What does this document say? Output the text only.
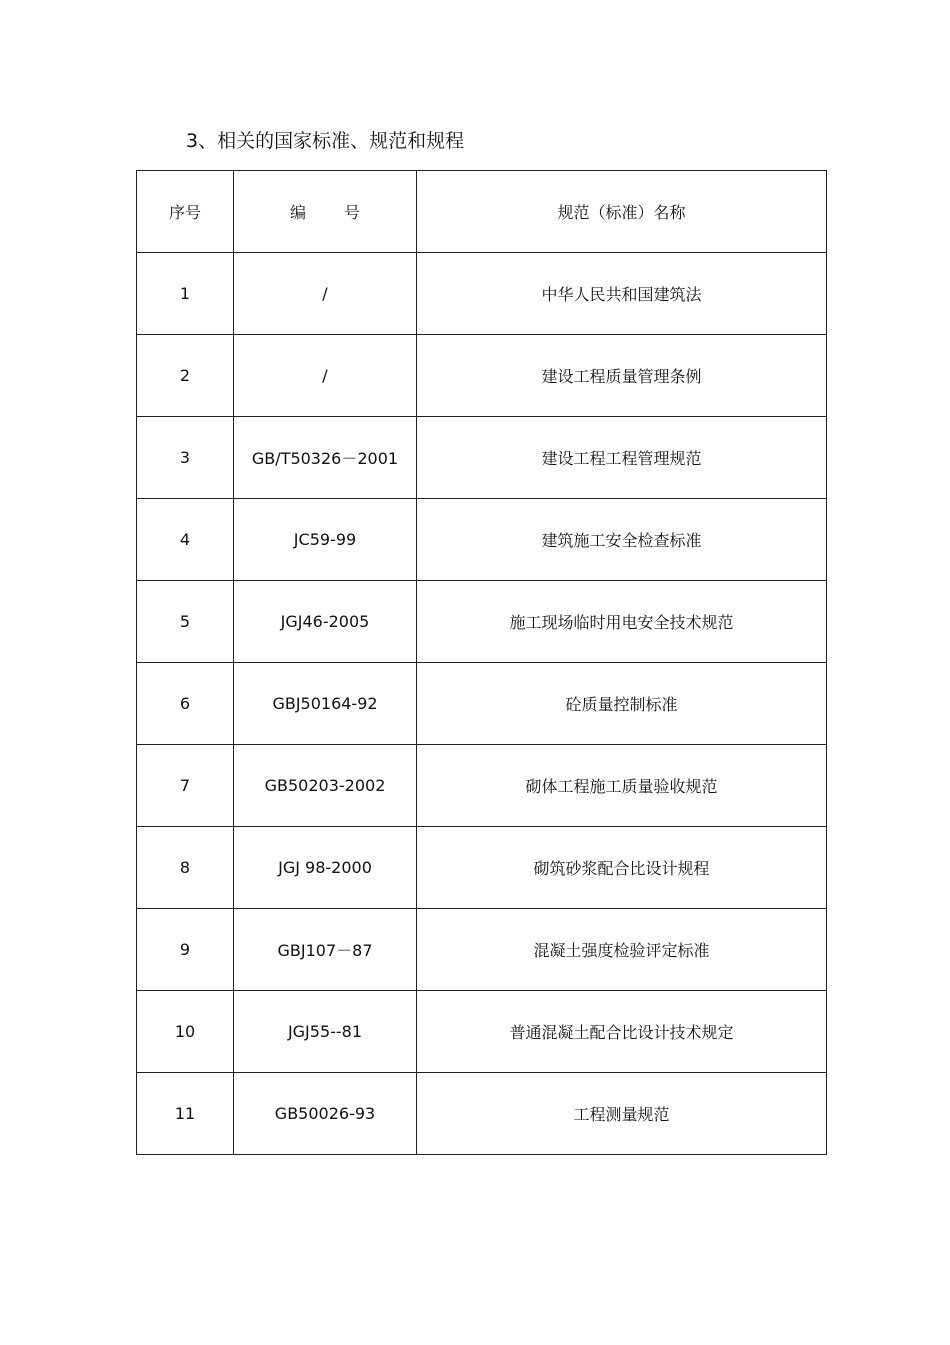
3、相关的国家标准、规范和规程
序号	编 号	规范（标准）名称
1	/	中华人民共和国建筑法
2	/	建设工程质量管理条例
3	GB/T50326－2001	建设工程工程管理规范
4	JC59-99	建筑施工安全检查标准
5	JGJ46-2005	施工现场临时用电安全技术规范
6	GBJ50164-92	砼质量控制标准
7	GB50203-2002	砌体工程施工质量验收规范
8	JGJ 98-2000	砌筑砂浆配合比设计规程
9	GBJ107－87	混凝土强度检验评定标准
10	JGJ55--81	普通混凝土配合比设计技术规定
11	GB50026-93	工程测量规范
